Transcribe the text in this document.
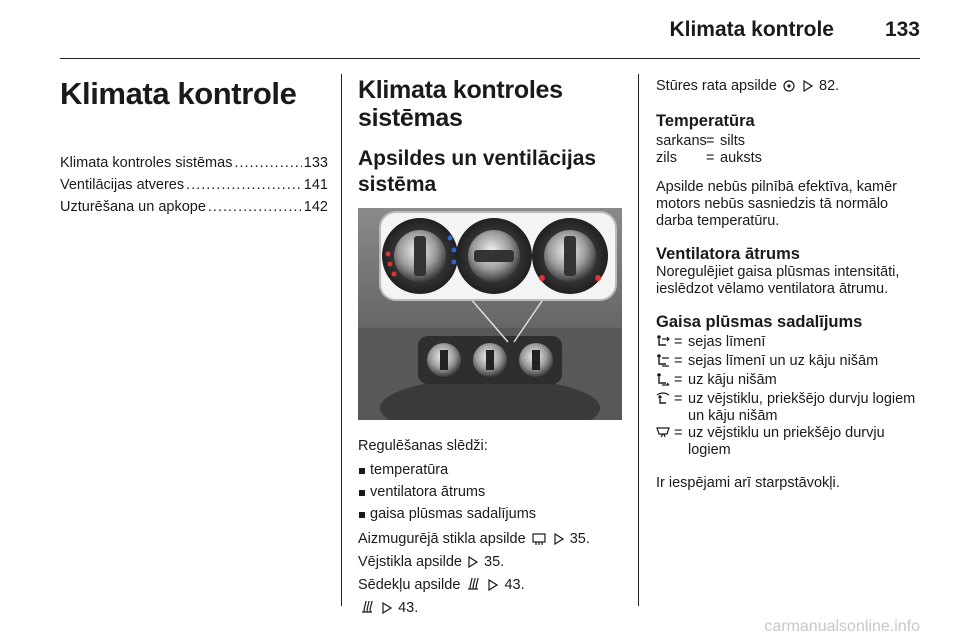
Klimata kontrole 133
Klimata kontrole
Klimata kontroles sistēmas .....	133
Ventilācijas atveres .....	141
Uzturēšana un apkope .....	142
Klimata kontroles
sistēmas
Apsildes un ventilācijas
sistēma

Regulēšanas slēdži:

temperatūra
ventilatora ātrums
gaisa plūsmas sadalījums

Aizmugurējā stikla apsilde	35.

Vējstikla apsilde 35.

Sēdekļu apsilde	43.

43.

Stūres rata apsilde	82.

Temperatūra
sarkans = silts
zils	= auksts

Apsilde nebūs pilnībā efektīva, kamēr motors nebūs sasniedzis tā normālo darba temperatūru.

Ventilatora ātrums

Noregulējiet gaisa plūsmas intensitāti, ieslēdzot vēlamo ventilatora ātrumu.

Gaisa plūsmas sadalījums
= sejas līmenī
= sejas līmenī un uz kāju nišām
= uz kāju nišām
= uz vējstiklu, priekšējo durvju logiem un kāju nišām
= uz vējstiklu un priekšējo durvju logiem

Ir iespējami arī starpstāvokļi.

carmanualsonline.info
